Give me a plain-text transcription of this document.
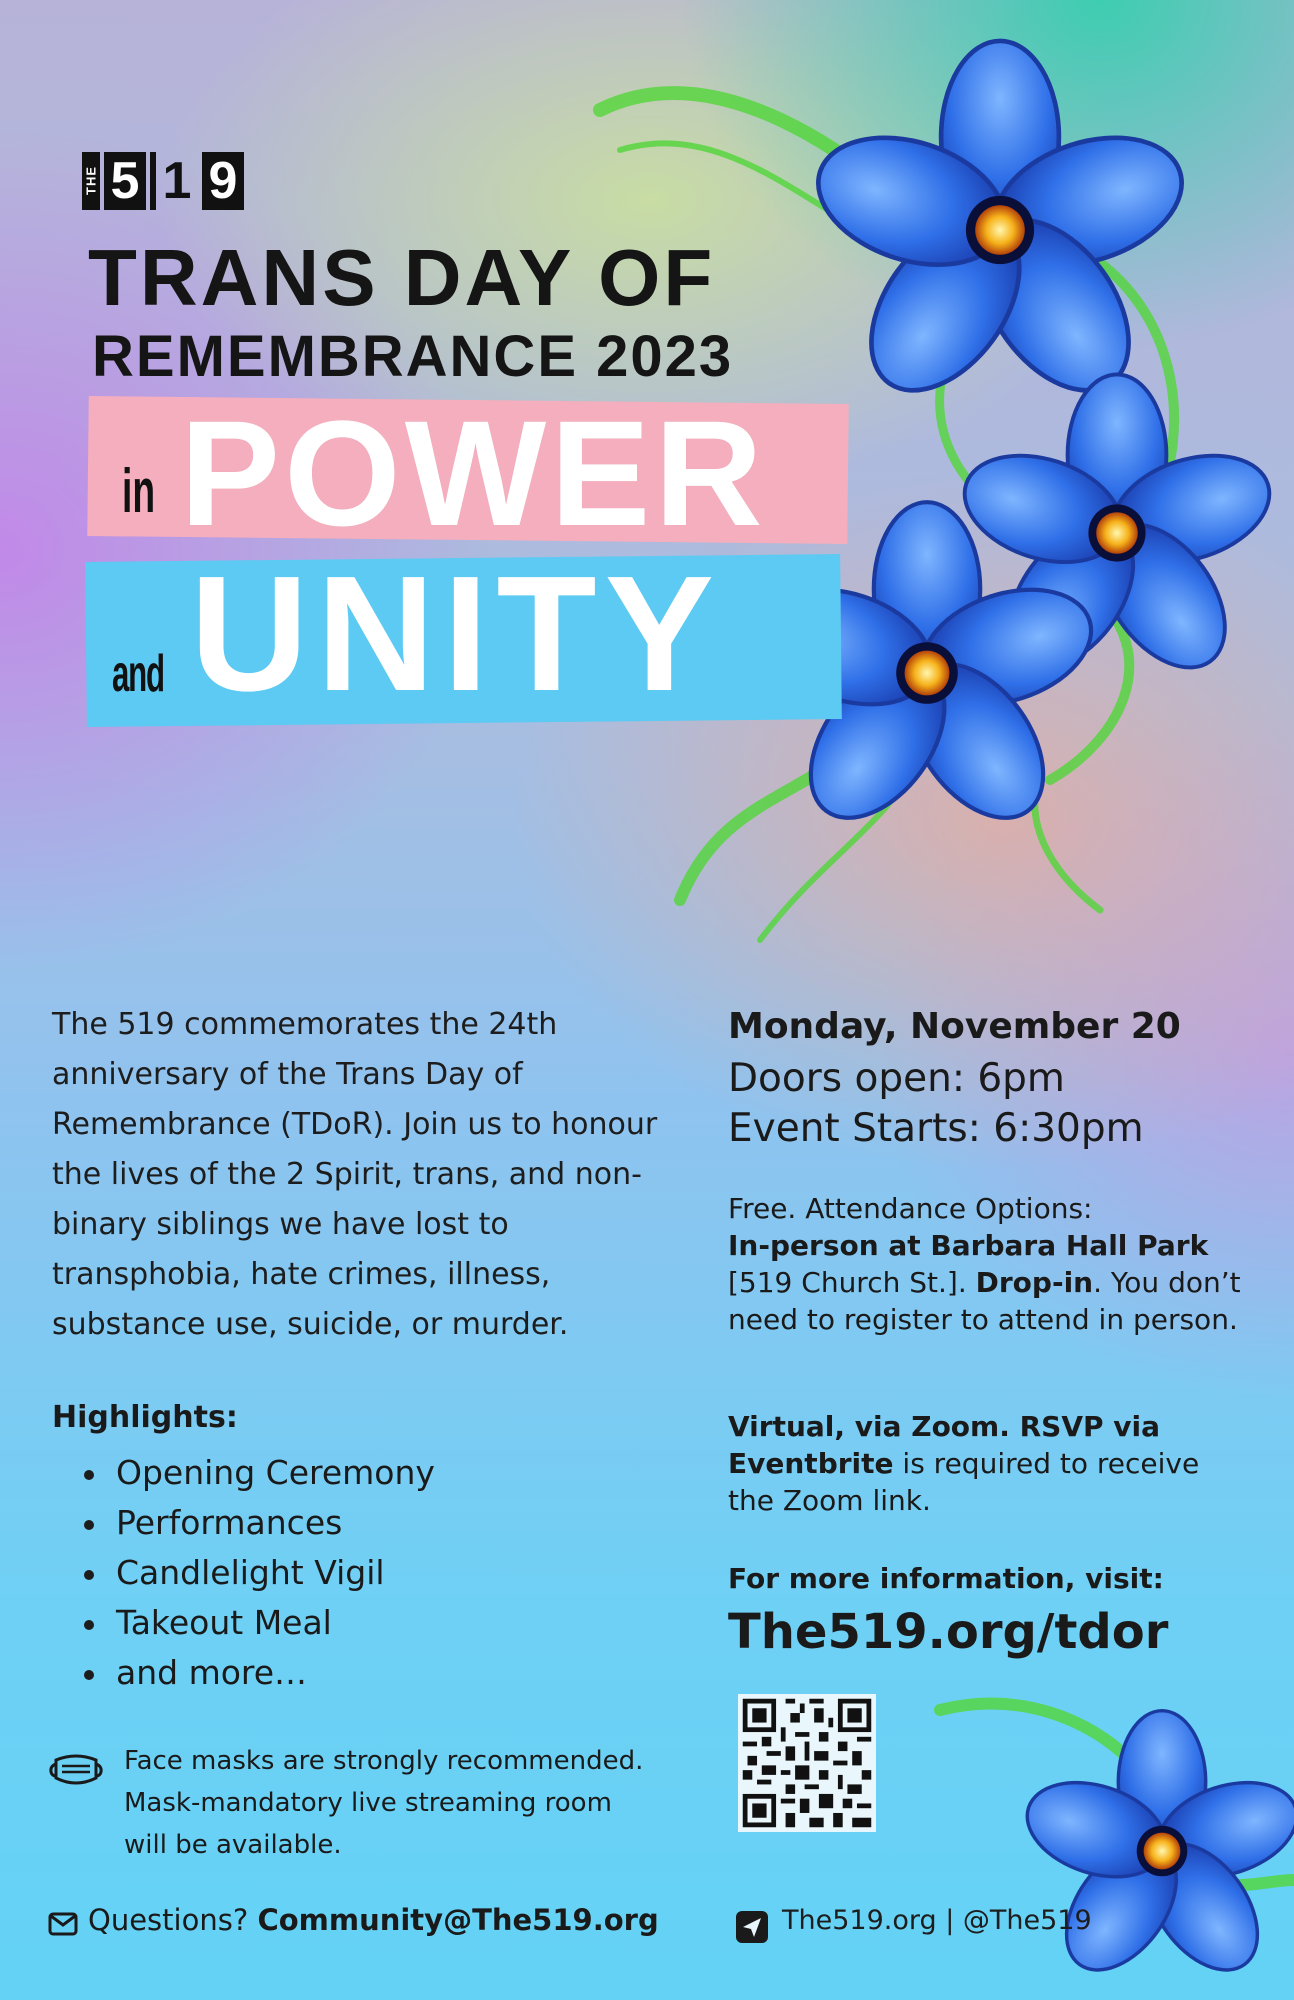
THE 5 1 9
TRANS DAY OF
REMEMBRANCE 2023
in POWER
and UNITY
The 519 commemorates the 24th anniversary of the Trans Day of Remembrance (TDoR). Join us to honour the lives of the 2 Spirit, trans, and non-binary siblings we have lost to transphobia, hate crimes, illness, substance use, suicide, or murder.
Highlights:
Opening Ceremony
Performances
Candlelight Vigil
Takeout Meal
and more…
Face masks are strongly recommended. Mask-mandatory live streaming room will be available.
Questions? Community@The519.org
Monday, November 20
Doors open: 6pm
Event Starts: 6:30pm
Free. Attendance Options:
In-person at Barbara Hall Park
[519 Church St.]. Drop-in. You don’t need to register to attend in person.
Virtual, via Zoom. RSVP via Eventbrite is required to receive the Zoom link.
For more information, visit:
The519.org/tdor
The519.org | @The519
